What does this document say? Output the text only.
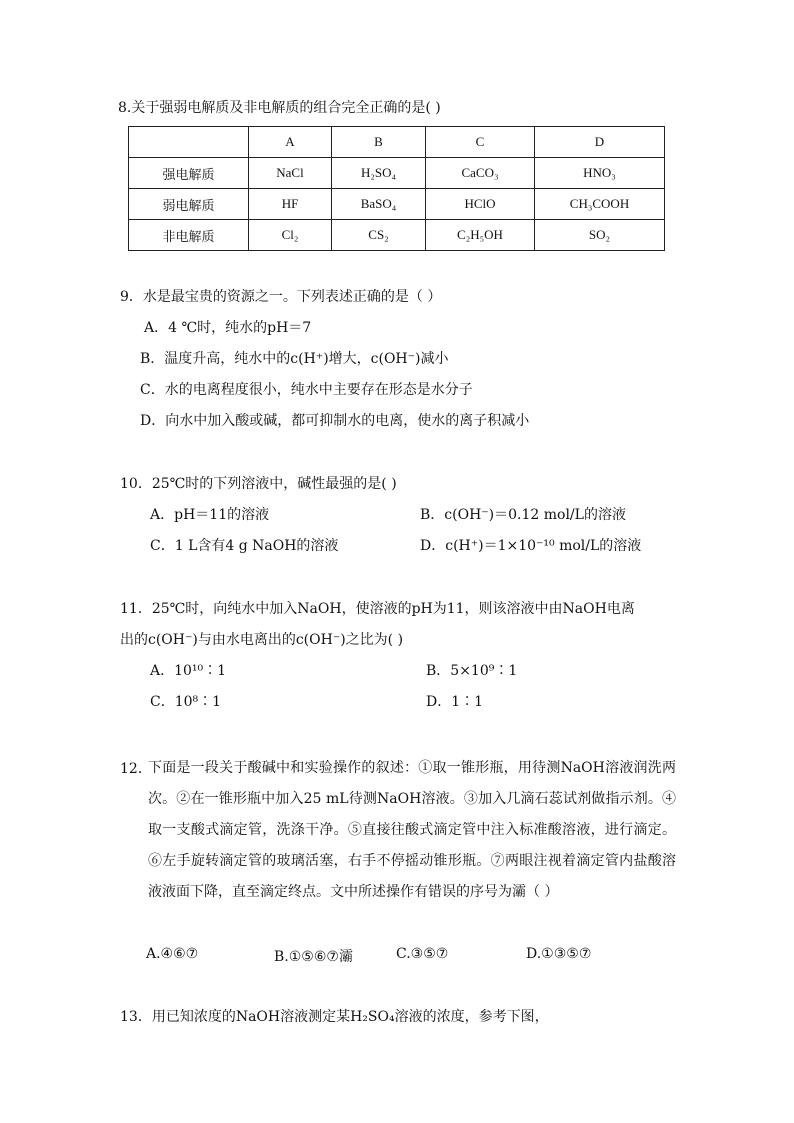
8.关于强弱电解质及非电解质的组合完全正确的是( )
	A	B	C	D
强电解质	NaCl	H₂SO₄	CaCO₃	HNO₃
弱电解质	HF	BaSO₄	HClO	CH₃COOH
非电解质	Cl₂	CS₂	C₂H₅OH	SO₂
9．水是最宝贵的资源之一。下列表述正确的是（ ）
A．4 ℃时，纯水的pH＝7
B．温度升高，纯水中的c(H⁺)增大，c(OH⁻)减小
C．水的电离程度很小，纯水中主要存在形态是水分子
D．向水中加入酸或碱，都可抑制水的电离，使水的离子积减小
10．25℃时的下列溶液中，碱性最强的是( )
A．pH＝11的溶液	B．c(OH⁻)＝0.12 mol/L的溶液
C．1 L含有4 g NaOH的溶液	D．c(H⁺)＝1×10⁻¹⁰ mol/L的溶液
11．25℃时，向纯水中加入NaOH，使溶液的pH为11，则该溶液中由NaOH电离
出的c(OH⁻)与由水电离出的c(OH⁻)之比为( )
A．10¹⁰∶1	B．5×10⁹∶1
C．10⁸∶1	D．1∶1
12．
下面是一段关于酸碱中和实验操作的叙述：①取一锥形瓶，用待测NaOH溶液润洗两次。②在一锥形瓶中加入25 mL待测NaOH溶液。③加入几滴石蕊试剂做指示剂。④取一支酸式滴定管，洗涤干净。⑤直接往酸式滴定管中注入标准酸溶液，进行滴定。⑥左手旋转滴定管的玻璃活塞，右手不停摇动锥形瓶。⑦两眼注视着滴定管内盐酸溶液液面下降，直至滴定终点。文中所述操作有错误的序号为灞（ ）
A.④⑥⑦	B.①⑤⑥⑦灞	C.③⑤⑦	D.①③⑤⑦
13．用已知浓度的NaOH溶液测定某H₂SO₄溶液的浓度，参考下图，
